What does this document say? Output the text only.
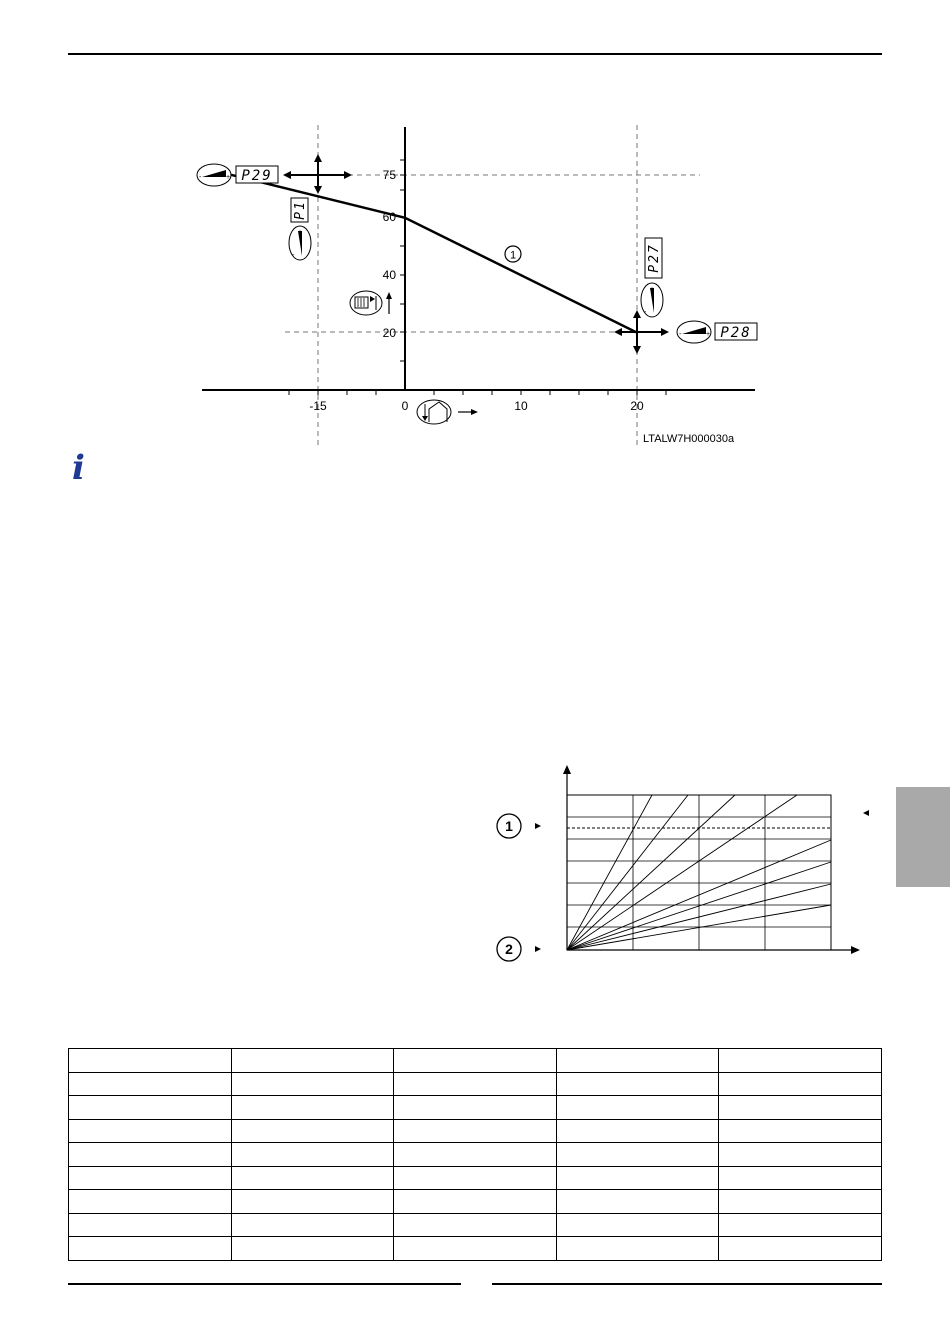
75
60
40
20
-15	0	10	20
1
-	+ P29
P1
+
-	P27
+
-
-	+ P28
LTALW7H000030a
i
1
2
